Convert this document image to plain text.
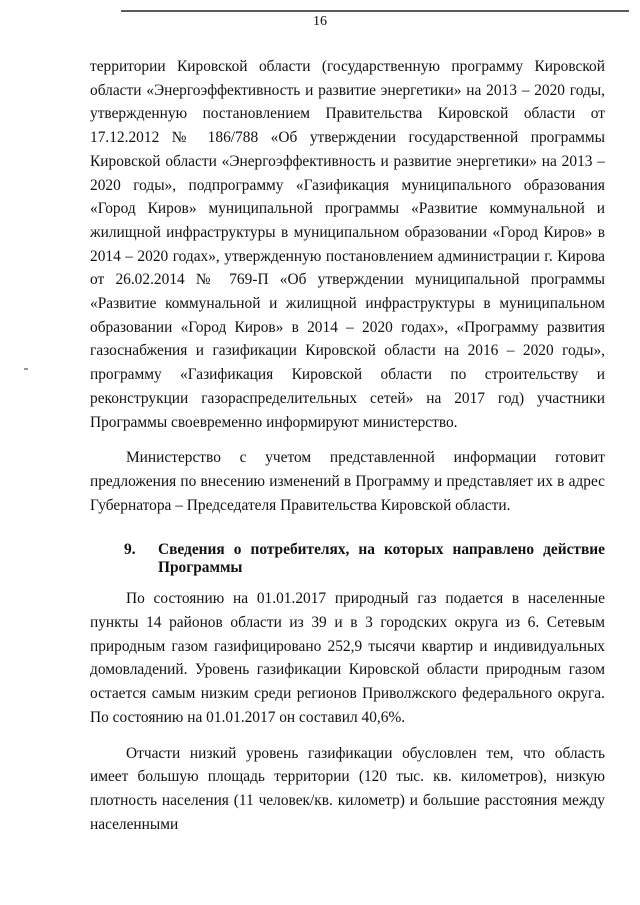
16

территории Кировской области (государственную программу Кировской области «Энергоэффективность и развитие энергетики» на 2013 – 2020 годы, утвержденную постановлением Правительства Кировской области от 17.12.2012 № 186/788 «Об утверждении государственной программы Кировской области «Энергоэффективность и развитие энергетики» на 2013 – 2020 годы», подпрограмму «Газификация муниципального образования «Город Киров» муниципальной программы «Развитие коммунальной и жилищной инфраструктуры в муниципальном образовании «Город Киров» в 2014 – 2020 годах», утвержденную постановлением администрации г. Кирова от 26.02.2014 № 769-П «Об утверждении муниципальной программы «Развитие коммунальной и жилищной инфраструктуры в муниципальном образовании «Город Киров» в 2014 – 2020 годах», «Программу развития газоснабжения и газификации Кировской области на 2016 – 2020 годы», программу «Газификация Кировской области по строительству и реконструкции газораспределительных сетей» на 2017 год) участники Программы своевременно информируют министерство.

Министерство с учетом представленной информации готовит предложения по внесению изменений в Программу и представляет их в адрес Губернатора – Председателя Правительства Кировской области.

9.	Сведения о потребителях, на которых направлено действие Программы

По состоянию на 01.01.2017 природный газ подается в населенные пункты 14 районов области из 39 и в 3 городских округа из 6. Сетевым природным газом газифицировано 252,9 тысячи квартир и индивидуальных домовладений. Уровень газификации Кировской области природным газом остается самым низким среди регионов Приволжского федерального округа. По состоянию на 01.01.2017 он составил 40,6%.

Отчасти низкий уровень газификации обусловлен тем, что область имеет большую площадь территории (120 тыс. кв. километров), низкую плотность населения (11 человек/кв. километр) и большие расстояния между населенными
